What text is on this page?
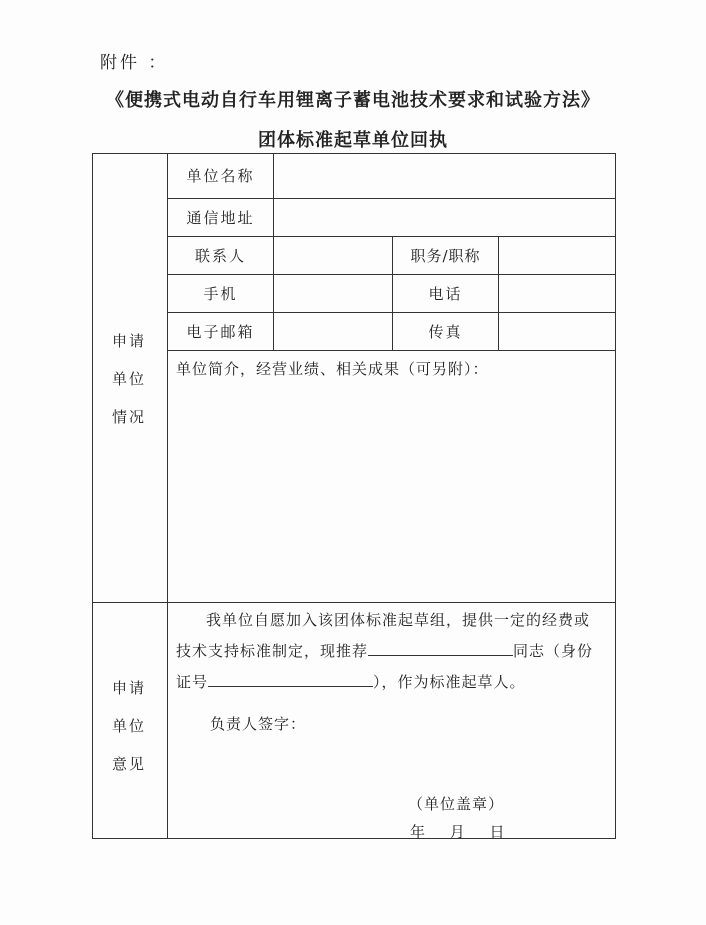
附件 ：
《便携式电动自行车用锂离子蓄电池技术要求和试验方法》
团体标准起草单位回执
单位名称
通信地址
联系人	职务/职称
手机	电话
电子邮箱	传真
申请
单位
情况
单位简介，经营业绩、相关成果（可另附）：
申请
单位
意见
我单位自愿加入该团体标准起草组，提供一定的经费或
技术支持标准制定，现推荐	同志（身份
证号	），作为标准起草人。
负责人签字：
（单位盖章）
年 月 日
